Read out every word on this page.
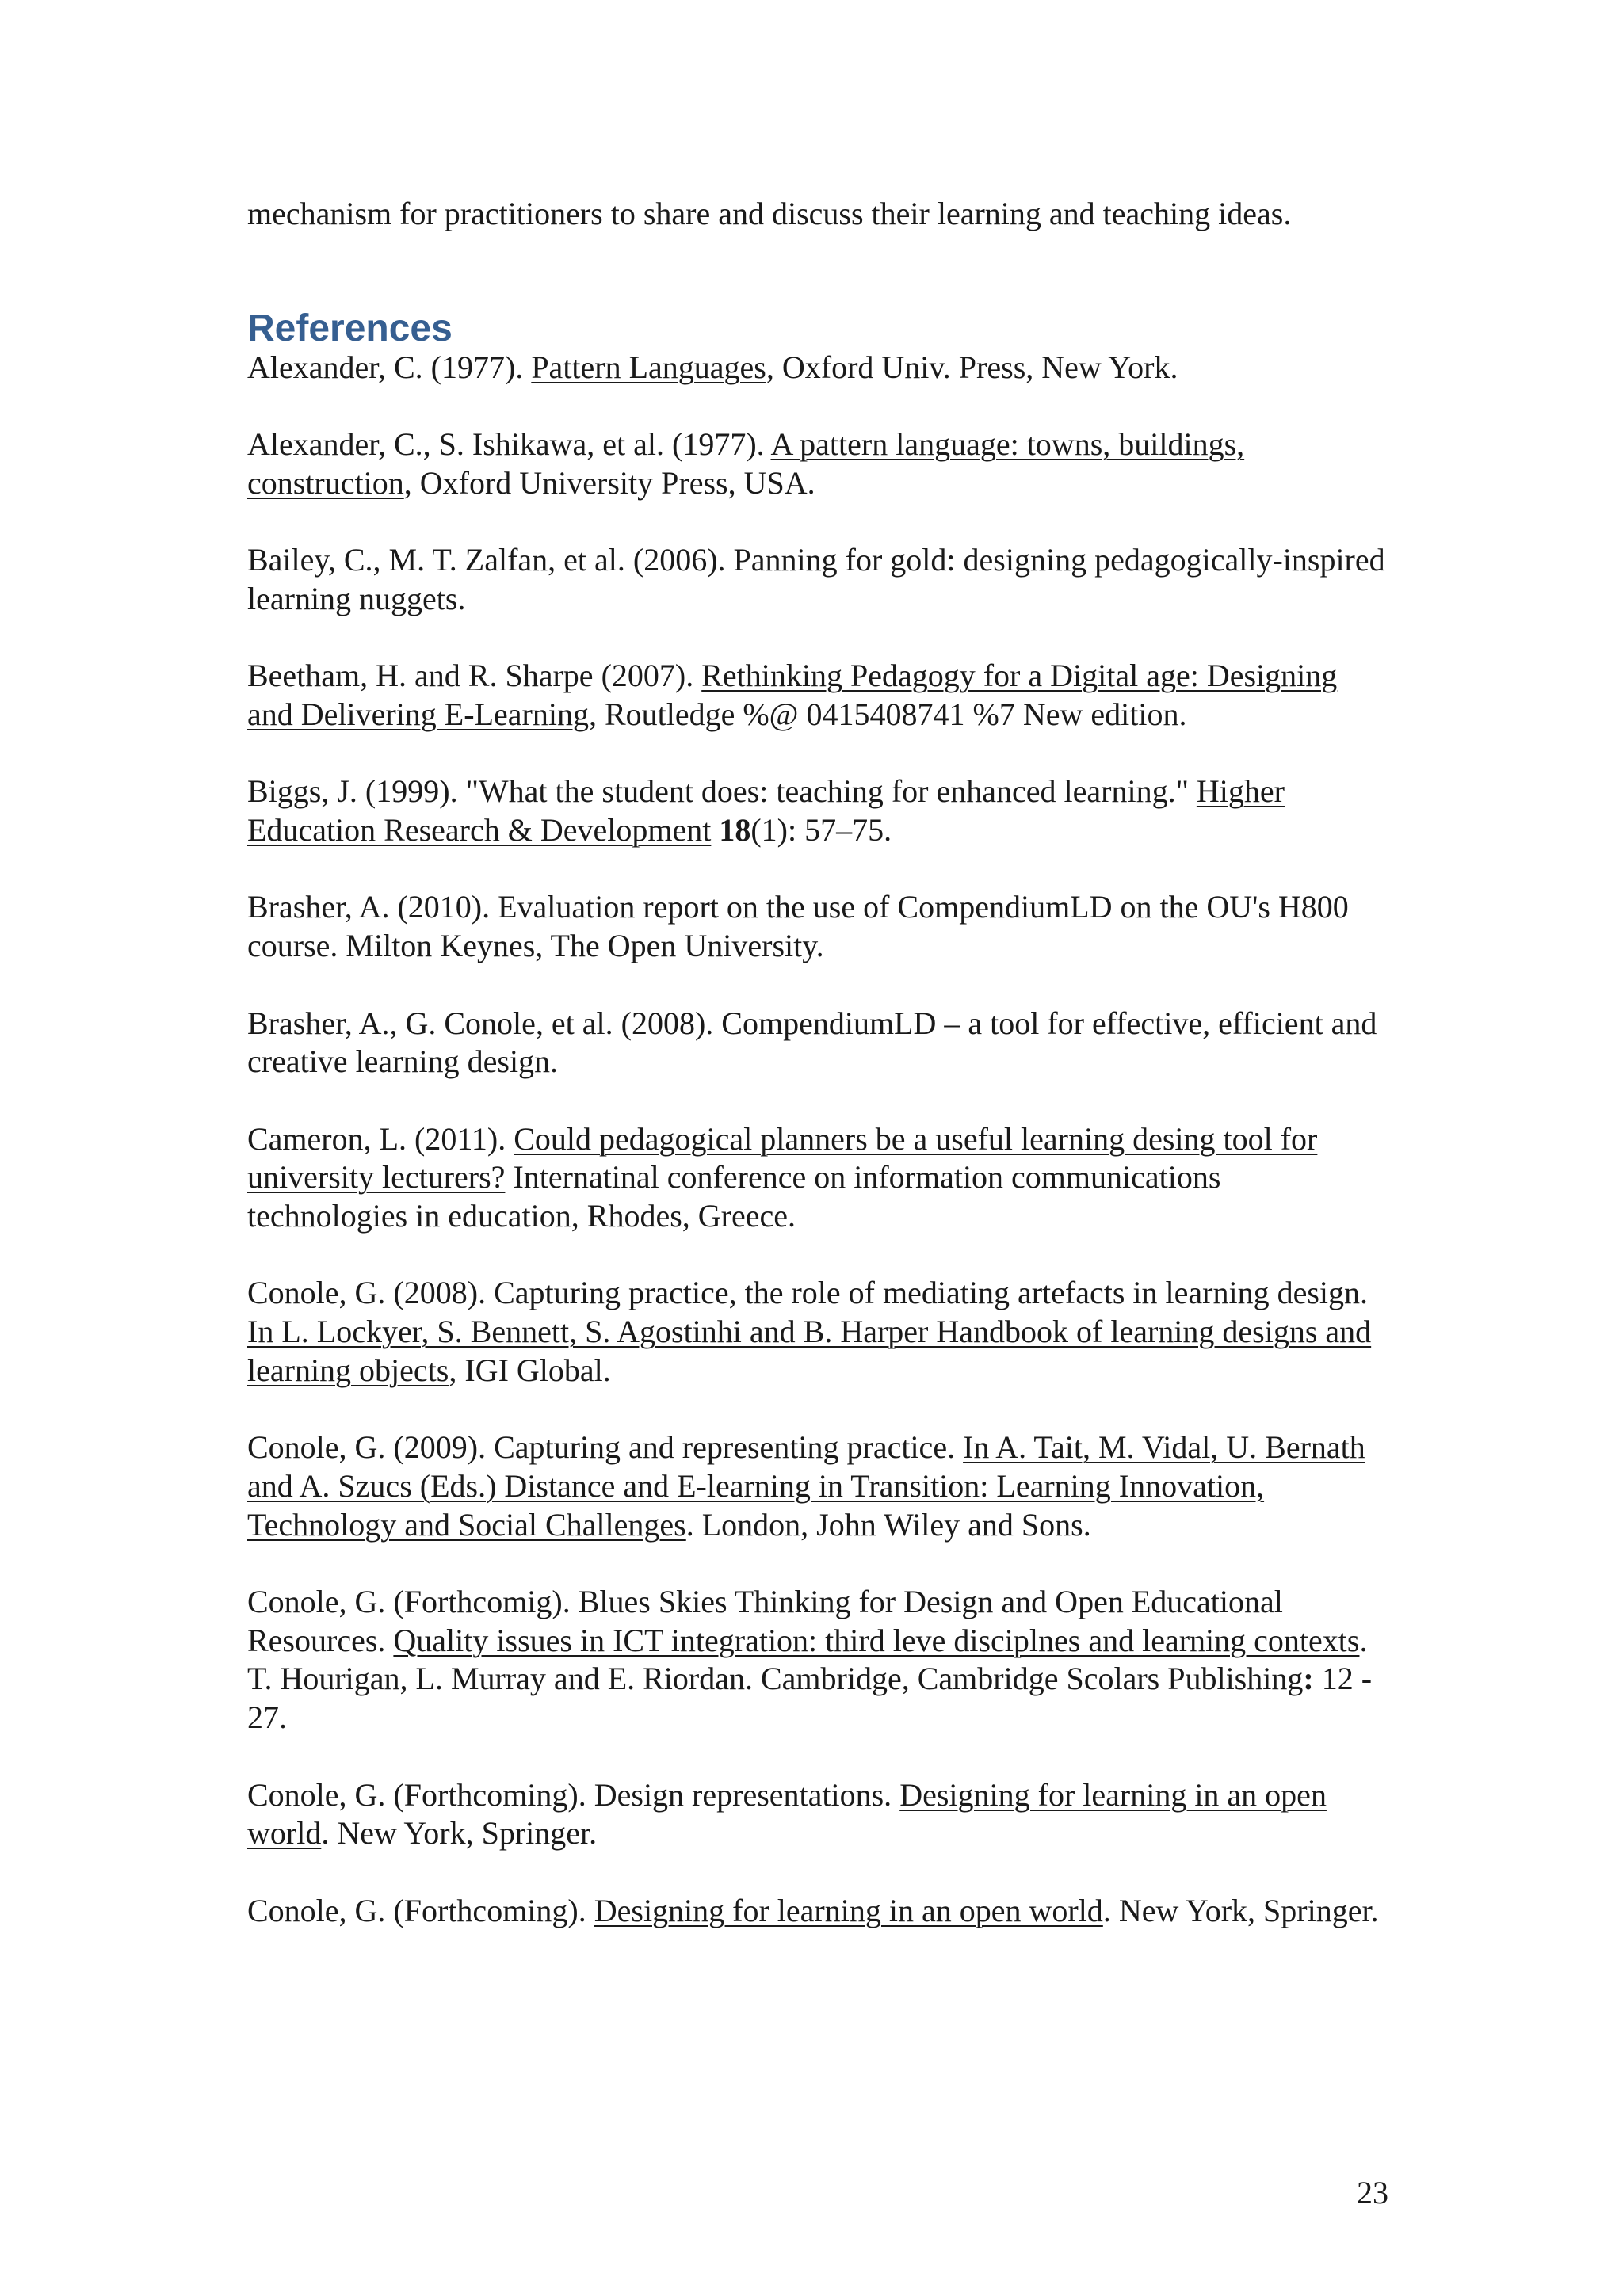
mechanism for practitioners to share and discuss their learning and teaching ideas.

References

Alexander, C. (1977). Pattern Languages, Oxford Univ. Press, New York.

Alexander, C., S. Ishikawa, et al. (1977). A pattern language: towns, buildings, construction, Oxford University Press, USA.

Bailey, C., M. T. Zalfan, et al. (2006). Panning for gold: designing pedagogically-inspired learning nuggets.

Beetham, H. and R. Sharpe (2007). Rethinking Pedagogy for a Digital age: Designing and Delivering E-Learning, Routledge %@ 0415408741 %7 New edition.

Biggs, J. (1999). "What the student does: teaching for enhanced learning." Higher Education Research & Development 18(1): 57–75.

Brasher, A. (2010). Evaluation report on the use of CompendiumLD on the OU's H800 course. Milton Keynes, The Open University.

Brasher, A., G. Conole, et al. (2008). CompendiumLD – a tool for effective, efficient and creative learning design.

Cameron, L. (2011). Could pedagogical planners be a useful learning desing tool for university lecturers? Internatinal conference on information communications technologies in education, Rhodes, Greece.

Conole, G. (2008). Capturing practice, the role of mediating artefacts in learning design. In L. Lockyer, S. Bennett, S. Agostinhi and B. Harper Handbook of learning designs and learning objects, IGI Global.

Conole, G. (2009). Capturing and representing practice. In A. Tait, M. Vidal, U. Bernath and A. Szucs (Eds.) Distance and E-learning in Transition: Learning Innovation, Technology and Social Challenges. London, John Wiley and Sons.

Conole, G. (Forthcomig). Blues Skies Thinking for Design and Open Educational Resources. Quality issues in ICT integration: third leve disciplnes and learning contexts. T. Hourigan, L. Murray and E. Riordan. Cambridge, Cambridge Scolars Publishing: 12 - 27.

Conole, G. (Forthcoming). Design representations. Designing for learning in an open world. New York, Springer.

Conole, G. (Forthcoming). Designing for learning in an open world. New York, Springer.

23
